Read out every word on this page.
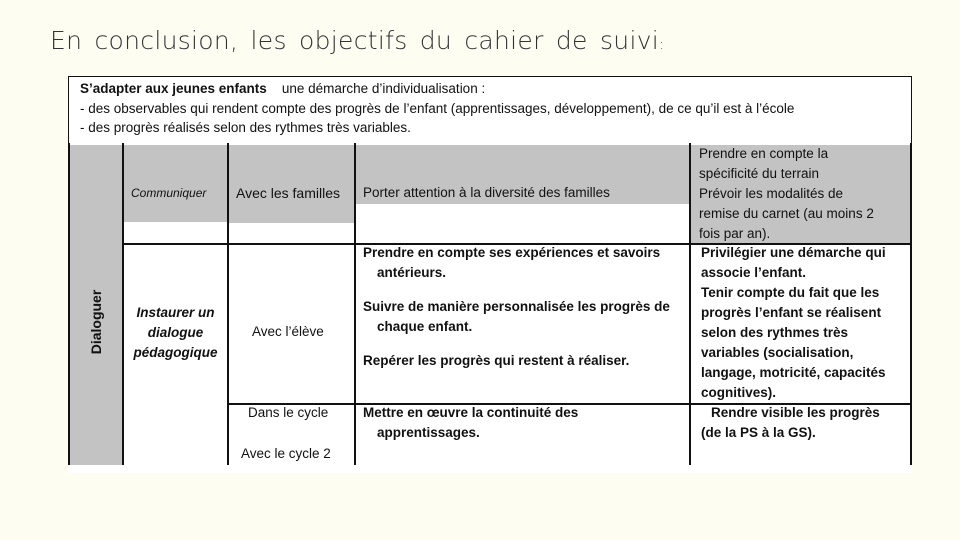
En conclusion, les objectifs du cahier de suivi:
S’adapter aux jeunes enfants une démarche d’individualisation :
- des observables qui rendent compte des progrès de l’enfant (apprentissages, développement), de ce qu’il est à l’école
- des progrès réalisés selon des rythmes très variables.
Dialoguer
Communiquer Avec les familles Porter attention à la diversité des familles
Prendre en compte la
spécificité du terrain
Prévoir les modalités de
remise du carnet (au moins 2
fois par an).
Instaurer un
dialogue
pédagogique
Avec l’élève
Prendre en compte ses expériences et savoirs
antérieurs.
Suivre de manière personnalisée les progrès de
chaque enfant.
Repérer les progrès qui restent à réaliser.
Privilégier une démarche qui
associe l’enfant.
Tenir compte du fait que les
progrès l’enfant se réalisent
selon des rythmes très
variables (socialisation,
langage, motricité, capacités
cognitives).
Dans le cycle
Avec le cycle 2
Mettre en œuvre la continuité des
apprentissages.
Rendre visible les progrès
(de la PS à la GS).
